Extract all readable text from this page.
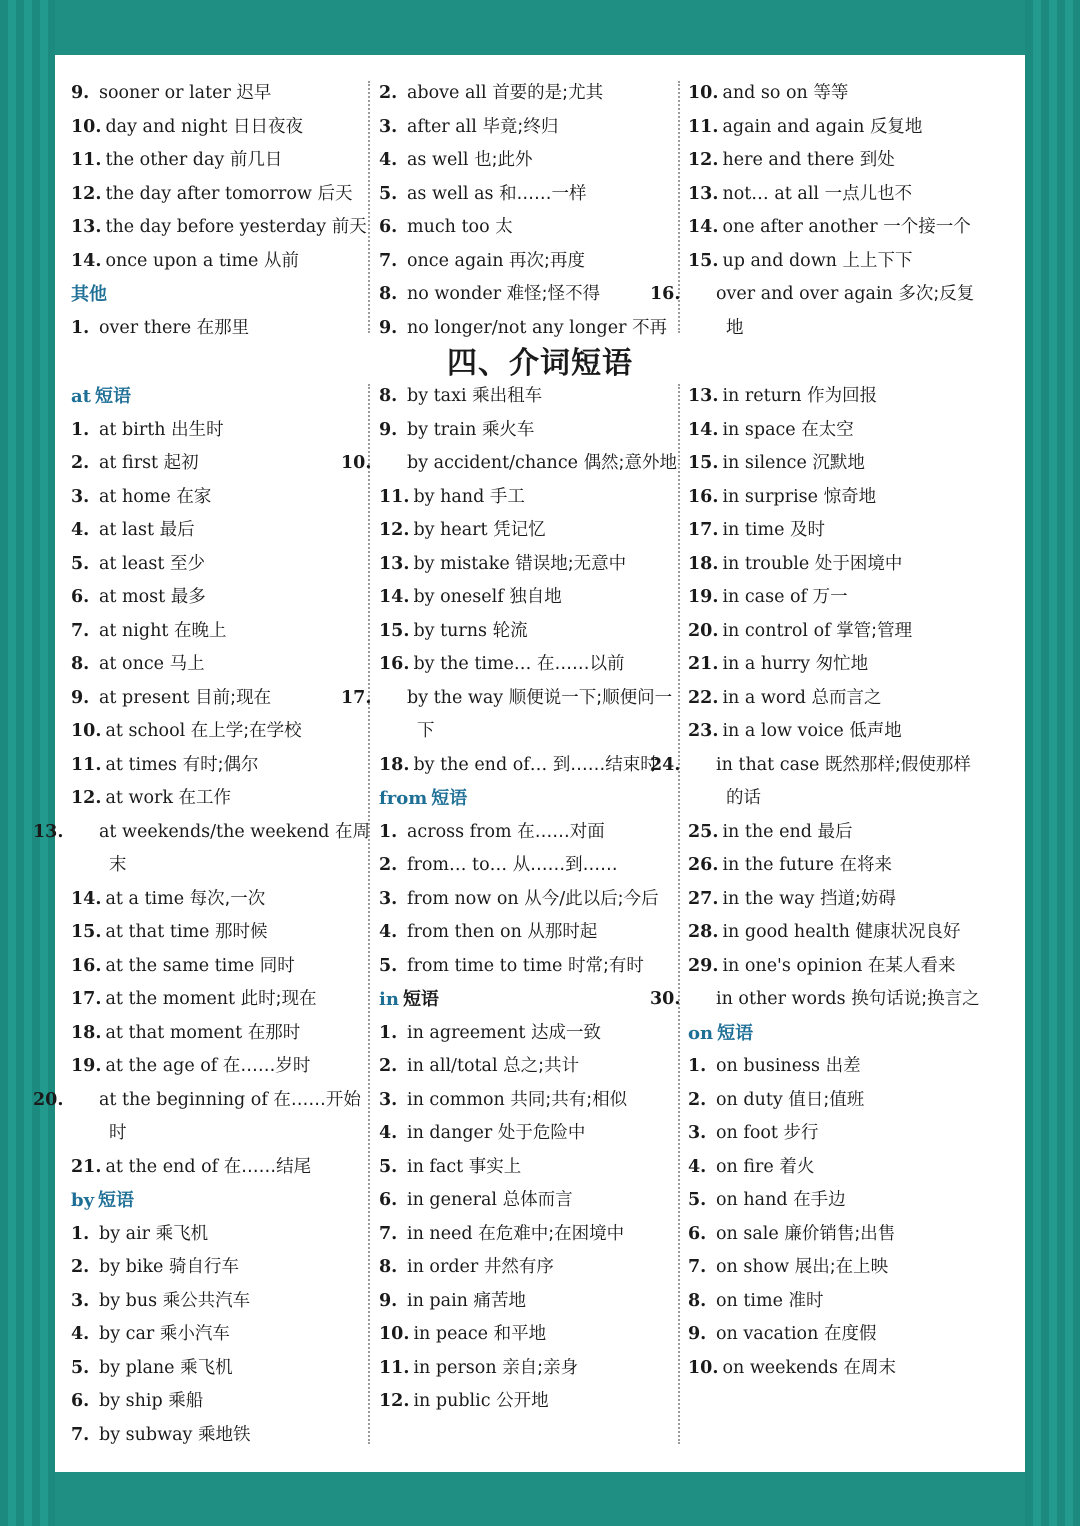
9. sooner or later 迟早
10. day and night 日日夜夜
11. the other day 前几日
12. the day after tomorrow 后天
13. the day before yesterday 前天
14. once upon a time 从前
其他
1. over there 在那里
2. above all 首要的是;尤其
3. after all 毕竟;终归
4. as well 也;此外
5. as well as 和……一样
6. much too 太
7. once again 再次;再度
8. no wonder 难怪;怪不得
9. no longer/not any longer 不再
10. and so on 等等
11. again and again 反复地
12. here and there 到处
13. not… at all 一点儿也不
14. one after another 一个接一个
15. up and down 上上下下
16. over and over again 多次;反复地
四、介词短语
at 短语
1. at birth 出生时
2. at first 起初
3. at home 在家
4. at last 最后
5. at least 至少
6. at most 最多
7. at night 在晚上
8. at once 马上
9. at present 目前;现在
10. at school 在上学;在学校
11. at times 有时;偶尔
12. at work 在工作
13. at weekends/the weekend 在周末
14. at a time 每次,一次
15. at that time 那时候
16. at the same time 同时
17. at the moment 此时;现在
18. at that moment 在那时
19. at the age of 在……岁时
20. at the beginning of 在……开始时
21. at the end of 在……结尾
by 短语
1. by air 乘飞机
2. by bike 骑自行车
3. by bus 乘公共汽车
4. by car 乘小汽车
5. by plane 乘飞机
6. by ship 乘船
7. by subway 乘地铁
8. by taxi 乘出租车
9. by train 乘火车
10. by accident/chance 偶然;意外地
11. by hand 手工
12. by heart 凭记忆
13. by mistake 错误地;无意中
14. by oneself 独自地
15. by turns 轮流
16. by the time… 在……以前
17. by the way 顺便说一下;顺便问一下
18. by the end of… 到……结束时
from 短语
1. across from 在……对面
2. from… to… 从……到……
3. from now on 从今/此以后;今后
4. from then on 从那时起
5. from time to time 时常;有时
in 短语
1. in agreement 达成一致
2. in all/total 总之;共计
3. in common 共同;共有;相似
4. in danger 处于危险中
5. in fact 事实上
6. in general 总体而言
7. in need 在危难中;在困境中
8. in order 井然有序
9. in pain 痛苦地
10. in peace 和平地
11. in person 亲自;亲身
12. in public 公开地
13. in return 作为回报
14. in space 在太空
15. in silence 沉默地
16. in surprise 惊奇地
17. in time 及时
18. in trouble 处于困境中
19. in case of 万一
20. in control of 掌管;管理
21. in a hurry 匆忙地
22. in a word 总而言之
23. in a low voice 低声地
24. in that case 既然那样;假使那样的话
25. in the end 最后
26. in the future 在将来
27. in the way 挡道;妨碍
28. in good health 健康状况良好
29. in one's opinion 在某人看来
30. in other words 换句话说;换言之
on 短语
1. on business 出差
2. on duty 值日;值班
3. on foot 步行
4. on fire 着火
5. on hand 在手边
6. on sale 廉价销售;出售
7. on show 展出;在上映
8. on time 准时
9. on vacation 在度假
10. on weekends 在周末
